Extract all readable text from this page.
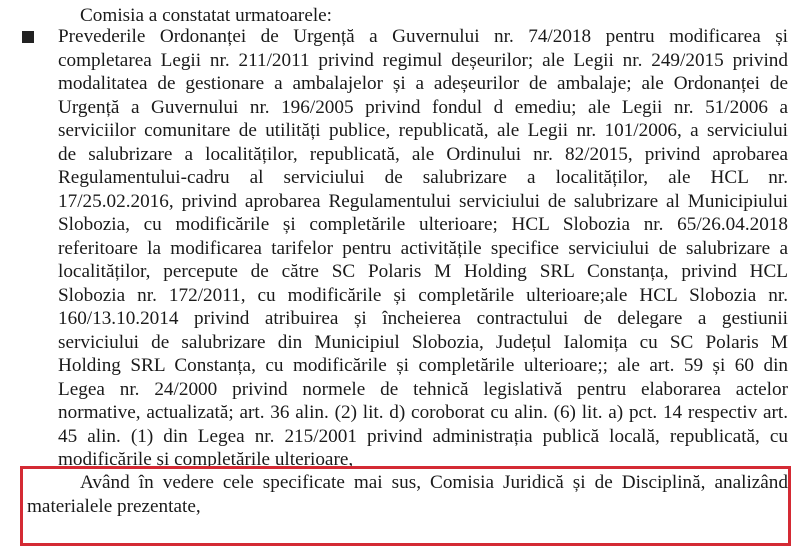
Comisia a constatat urmatoarele:
Prevederile Ordonanței de Urgență a Guvernului nr. 74/2018 pentru modificarea și
completarea Legii nr. 211/2011 privind regimul deșeurilor; ale Legii nr. 249/2015 privind
modalitatea de gestionare a ambalajelor și a adeșeurilor de ambalaje; ale Ordonanței de
Urgență a Guvernului nr. 196/2005 privind fondul d emediu; ale Legii nr. 51/2006 a
serviciilor comunitare de utilități publice, republicată, ale Legii nr. 101/2006, a serviciului
de salubrizare a localităților, republicată, ale Ordinului nr. 82/2015, privind aprobarea
Regulamentului-cadru al serviciului de salubrizare a localităților, ale HCL nr.
17/25.02.2016, privind aprobarea Regulamentului serviciului de salubrizare al Municipiului
Slobozia, cu modificările și completările ulterioare; HCL Slobozia nr. 65/26.04.2018
referitoare la modificarea tarifelor pentru activitățile specifice serviciului de salubrizare a
localităților, percepute de către SC Polaris M Holding SRL Constanța, privind HCL
Slobozia nr. 172/2011, cu modificările și completările ulterioare;ale HCL Slobozia nr.
160/13.10.2014 privind atribuirea și încheierea contractului de delegare a gestiunii
serviciului de salubrizare din Municipiul Slobozia, Județul Ialomița cu SC Polaris M
Holding SRL Constanța, cu modificările și completările ulterioare;; ale art. 59 și 60 din
Legea nr. 24/2000 privind normele de tehnică legislativă pentru elaborarea actelor
normative, actualizată; art. 36 alin. (2) lit. d) coroborat cu alin. (6) lit. a) pct. 14 respectiv art.
45 alin. (1) din Legea nr. 215/2001 privind administrația publică locală, republicată, cu
modificările și completările ulterioare,
Având în vedere cele specificate mai sus, Comisia Juridică și de Disciplină, analizând
materialele prezentate,
